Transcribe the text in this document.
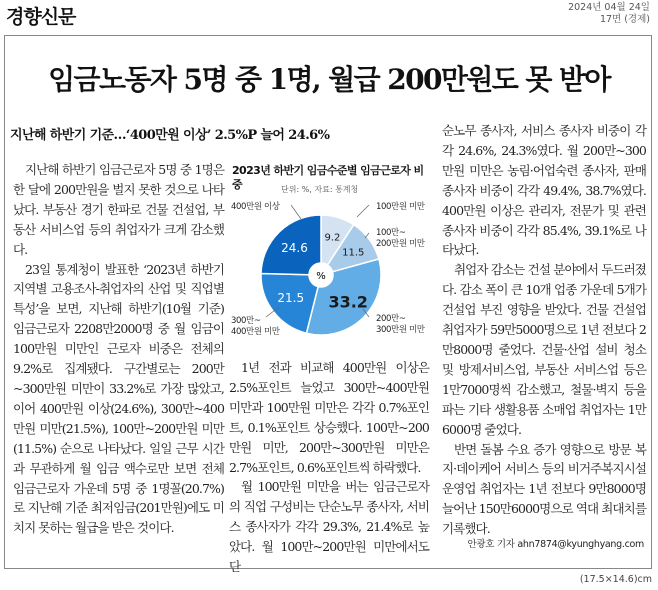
경향신문	2024년 04월 24일
17면 (경제)
임금노동자 5명 중 1명, 월급 200만원도 못 받아
지난해 하반기 기준…‘400만원 이상’ 2.5%P 늘어 24.6%

지난해 하반기 임금근로자 5명 중 1명은 한 달에 200만원을 벌지 못한 것으로 나타났다. 부동산 경기 한파로 건물 건설업, 부동산 서비스업 등의 취업자가 크게 감소했다.

23일 통계청이 발표한 ‘2023년 하반기 지역별 고용조사-취업자의 산업 및 직업별 특성’을 보면, 지난해 하반기(10월 기준) 임금근로자 2208만2000명 중 월 임금이 100만원 미만인 근로자 비중은 전체의 9.2%로 집계됐다. 구간별로는 200만~300만원 미만이 33.2%로 가장 많았고, 이어 400만원 이상(24.6%), 300만~400만원 미만(21.5%), 100만~200만원 미만(11.5%) 순으로 나타났다. 일일 근무 시간과 무관하게 월 임금 액수로만 보면 전체 임금근로자 가운데 5명 중 1명꼴(20.7%)로 지난해 기준 최저임금(201만원)에도 미치지 못하는 월급을 받은 것이다.

2023년 하반기 임금수준별 임금근로자 비중	단위: %, 자료: 통계청
9.2
11.5
33.2
21.5
24.6
%
100만원 미만
100만~
200만원 미만
200만~
300만원 미만
300만~
400만원 미만
400만원 이상

1년 전과 비교해 400만원 이상은 2.5%포인트 늘었고 300만~400만원 미만과 100만원 미만은 각각 0.7%포인트, 0.1%포인트 상승했다. 100만~200만원 미만, 200만~300만원 미만은 2.7%포인트, 0.6%포인트씩 하락했다.

월 100만원 미만을 버는 임금근로자의 직업 구성비는 단순노무 종사자, 서비스 종사자가 각각 29.3%, 21.4%로 높았다. 월 100만~200만원 미만에서도 단

순노무 종사자, 서비스 종사자 비중이 각각 24.6%, 24.3%였다. 월 200만~300만원 미만은 농림·어업숙련 종사자, 판매 종사자 비중이 각각 49.4%, 38.7%였다. 400만원 이상은 관리자, 전문가 및 관련 종사자 비중이 각각 85.4%, 39.1%로 나타났다.

취업자 감소는 건설 분야에서 두드러졌다. 감소 폭이 큰 10개 업종 가운데 5개가 건설업 부진 영향을 받았다. 건물 건설업 취업자가 59만5000명으로 1년 전보다 2만8000명 줄었다. 건물·산업 설비 청소 및 방제서비스업, 부동산 서비스업 등은 1만7000명씩 감소했고, 철물·벽지 등을 파는 기타 생활용품 소매업 취업자는 1만6000명 줄었다.

반면 돌봄 수요 증가 영향으로 방문 복지·데이케어 서비스 등의 비거주복지시설 운영업 취업자는 1년 전보다 9만8000명 늘어난 150만6000명으로 역대 최대치를 기록했다.

안광호 기자 ahn7874@kyunghyang.com
(17.5×14.6)cm
